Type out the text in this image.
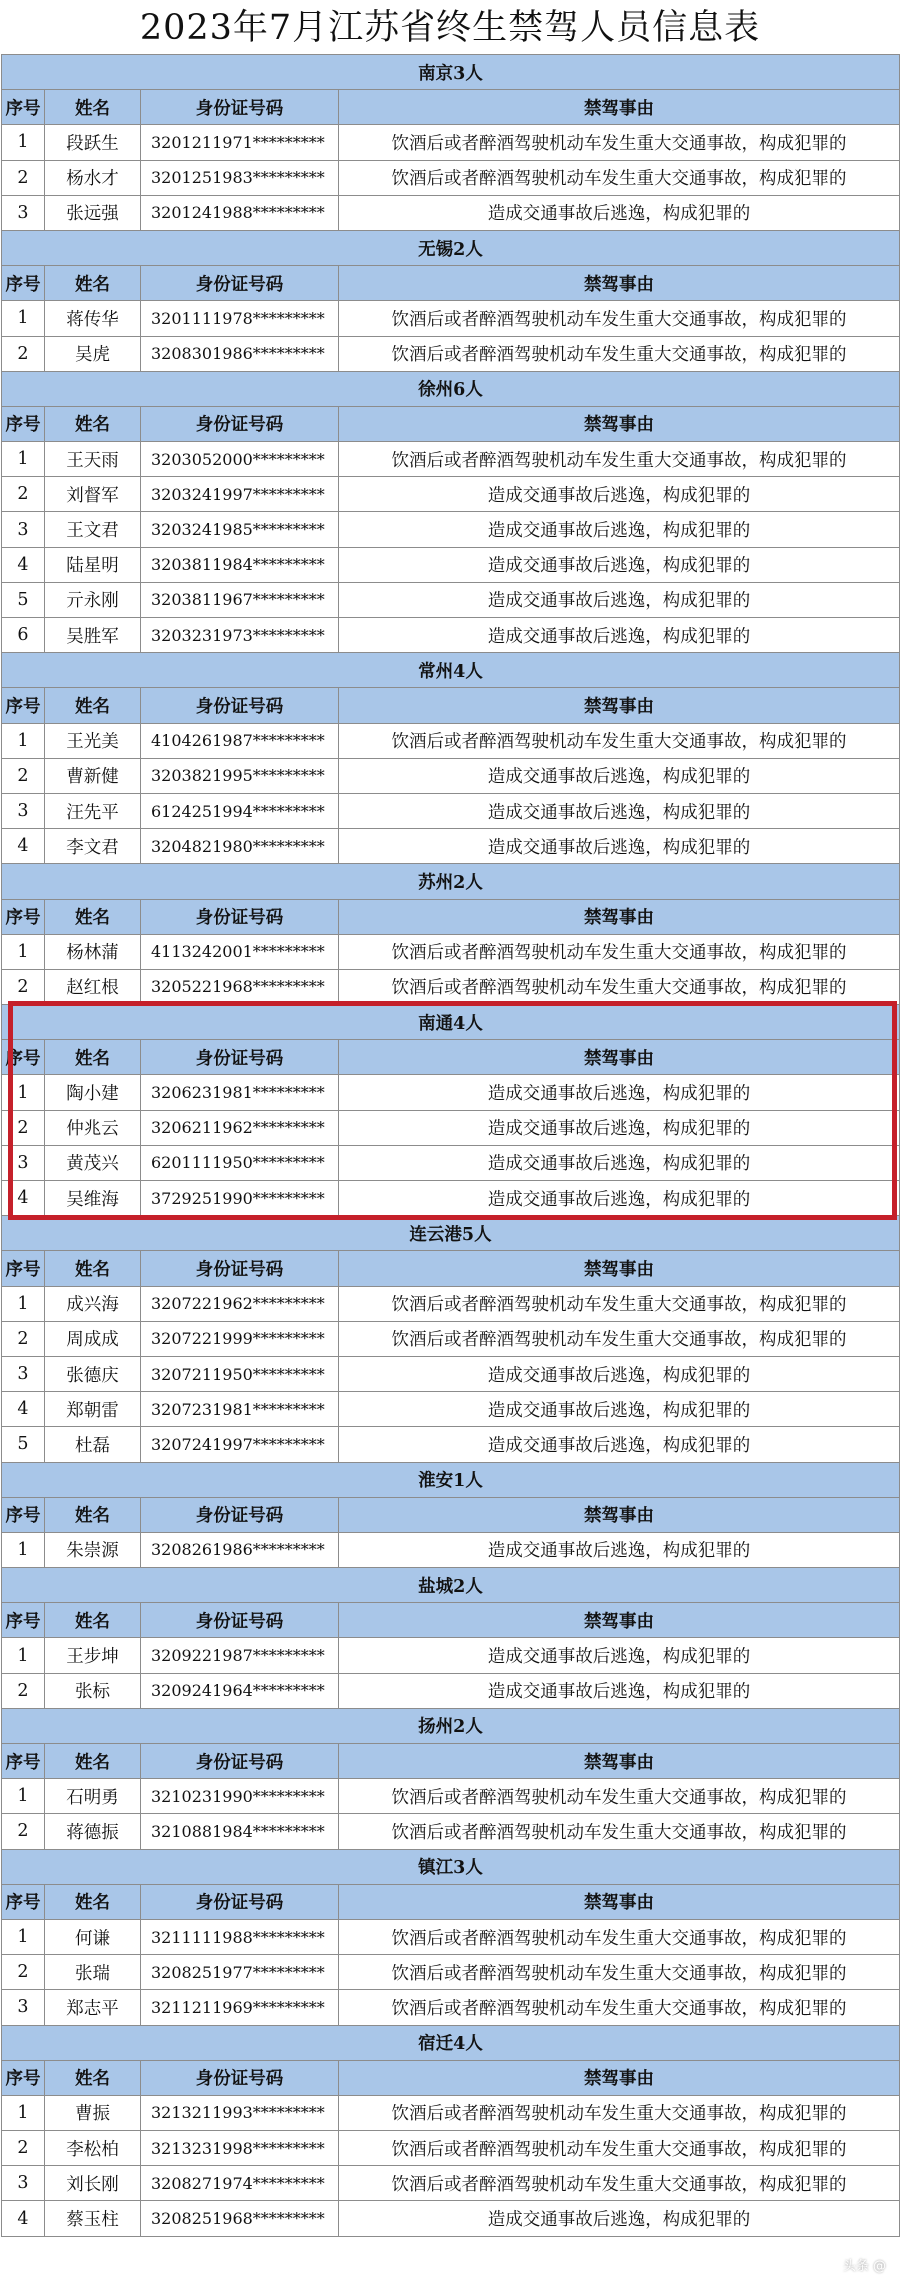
2023年7月江苏省终生禁驾人员信息表
南京3人			
序号	姓名	身份证号码	禁驾事由
1	段跃生	3201211971*********	饮酒后或者醉酒驾驶机动车发生重大交通事故，构成犯罪的
2	杨水才	3201251983*********	饮酒后或者醉酒驾驶机动车发生重大交通事故，构成犯罪的
3	张远强	3201241988*********	造成交通事故后逃逸，构成犯罪的
无锡2人			
序号	姓名	身份证号码	禁驾事由
1	蒋传华	3201111978*********	饮酒后或者醉酒驾驶机动车发生重大交通事故，构成犯罪的
2	吴虎	3208301986*********	饮酒后或者醉酒驾驶机动车发生重大交通事故，构成犯罪的
徐州6人			
序号	姓名	身份证号码	禁驾事由
1	王天雨	3203052000*********	饮酒后或者醉酒驾驶机动车发生重大交通事故，构成犯罪的
2	刘督军	3203241997*********	造成交通事故后逃逸，构成犯罪的
3	王文君	3203241985*********	造成交通事故后逃逸，构成犯罪的
4	陆星明	3203811984*********	造成交通事故后逃逸，构成犯罪的
5	亓永刚	3203811967*********	造成交通事故后逃逸，构成犯罪的
6	吴胜军	3203231973*********	造成交通事故后逃逸，构成犯罪的
常州4人			
序号	姓名	身份证号码	禁驾事由
1	王光美	4104261987*********	饮酒后或者醉酒驾驶机动车发生重大交通事故，构成犯罪的
2	曹新健	3203821995*********	造成交通事故后逃逸，构成犯罪的
3	汪先平	6124251994*********	造成交通事故后逃逸，构成犯罪的
4	李文君	3204821980*********	造成交通事故后逃逸，构成犯罪的
苏州2人			
序号	姓名	身份证号码	禁驾事由
1	杨林蒲	4113242001*********	饮酒后或者醉酒驾驶机动车发生重大交通事故，构成犯罪的
2	赵红根	3205221968*********	饮酒后或者醉酒驾驶机动车发生重大交通事故，构成犯罪的
南通4人			
序号	姓名	身份证号码	禁驾事由
1	陶小建	3206231981*********	造成交通事故后逃逸，构成犯罪的
2	仲兆云	3206211962*********	造成交通事故后逃逸，构成犯罪的
3	黄茂兴	6201111950*********	造成交通事故后逃逸，构成犯罪的
4	吴维海	3729251990*********	造成交通事故后逃逸，构成犯罪的
连云港5人			
序号	姓名	身份证号码	禁驾事由
1	成兴海	3207221962*********	饮酒后或者醉酒驾驶机动车发生重大交通事故，构成犯罪的
2	周成成	3207221999*********	饮酒后或者醉酒驾驶机动车发生重大交通事故，构成犯罪的
3	张德庆	3207211950*********	造成交通事故后逃逸，构成犯罪的
4	郑朝雷	3207231981*********	造成交通事故后逃逸，构成犯罪的
5	杜磊	3207241997*********	造成交通事故后逃逸，构成犯罪的
淮安1人			
序号	姓名	身份证号码	禁驾事由
1	朱崇源	3208261986*********	造成交通事故后逃逸，构成犯罪的
盐城2人			
序号	姓名	身份证号码	禁驾事由
1	王步坤	3209221987*********	造成交通事故后逃逸，构成犯罪的
2	张标	3209241964*********	造成交通事故后逃逸，构成犯罪的
扬州2人			
序号	姓名	身份证号码	禁驾事由
1	石明勇	3210231990*********	饮酒后或者醉酒驾驶机动车发生重大交通事故，构成犯罪的
2	蒋德振	3210881984*********	饮酒后或者醉酒驾驶机动车发生重大交通事故，构成犯罪的
镇江3人			
序号	姓名	身份证号码	禁驾事由
1	何谦	3211111988*********	饮酒后或者醉酒驾驶机动车发生重大交通事故，构成犯罪的
2	张瑞	3208251977*********	饮酒后或者醉酒驾驶机动车发生重大交通事故，构成犯罪的
3	郑志平	3211211969*********	饮酒后或者醉酒驾驶机动车发生重大交通事故，构成犯罪的
宿迁4人			
序号	姓名	身份证号码	禁驾事由
1	曹振	3213211993*********	饮酒后或者醉酒驾驶机动车发生重大交通事故，构成犯罪的
2	李松柏	3213231998*********	饮酒后或者醉酒驾驶机动车发生重大交通事故，构成犯罪的
3	刘长刚	3208271974*********	饮酒后或者醉酒驾驶机动车发生重大交通事故，构成犯罪的
4	蔡玉柱	3208251968*********	造成交通事故后逃逸，构成犯罪的
头条 @
